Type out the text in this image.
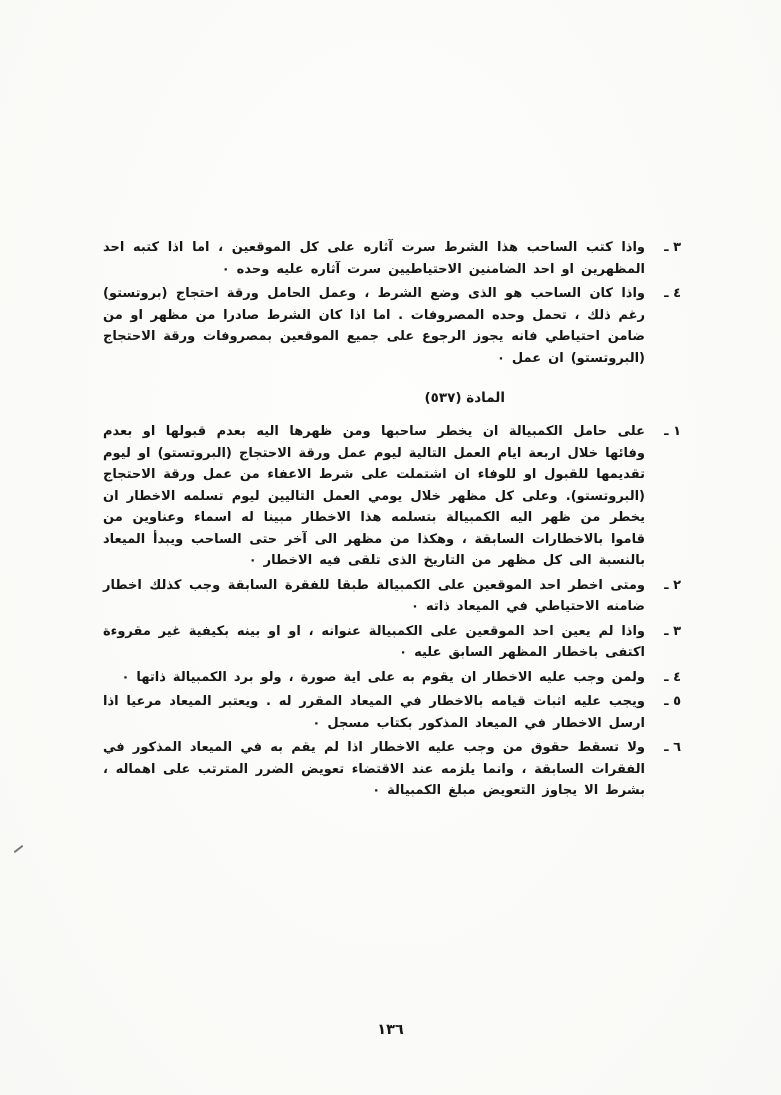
٣ ـ
واذا كتب الساحب هذا الشرط سرت آثاره على كل الموقعين ، اما اذا كتبه احد المظهرين او احد الضامنين الاحتياطيين سرت آثاره عليه وحده ٠
٤ ـ
واذا كان الساحب هو الذى وضع الشرط ، وعمل الحامل ورقة احتجاج (بروتستو) رغم ذلك ، تحمل وحده المصروفات . اما اذا كان الشرط صادرا من مظهر او من ضامن احتياطي فانه يجوز الرجوع على جميع الموقعين بمصروفات ورقة الاحتجاج (البروتستو) ان عمل ٠
المادة (٥٣٧)
١ ـ
على حامل الكمبيالة ان يخطر ساحبها ومن ظهرها اليه بعدم قبولها او بعدم وفائها خلال اربعة ايام العمل التالية ليوم عمل ورقة الاحتجاج (البروتستو) او ليوم تقديمها للقبول او للوفاء ان اشتملت على شرط الاعفاء من عمل ورقة الاحتجاج (البروتستو). وعلى كل مظهر خلال يومي العمل التاليين ليوم تسلمه الاخطار ان يخطر من ظهر اليه الكمبيالة بتسلمه هذا الاخطار مبينا له اسماء وعناوين من قاموا بالاخطارات السابقة ، وهكذا من مظهر الى آخر حتى الساحب ويبدأ الميعاد بالنسبة الى كل مظهر من التاريخ الذى تلقى فيه الاخطار ٠
٢ ـ
ومتى اخطر احد الموقعين على الكمبيالة طبقا للفقرة السابقة وجب كذلك اخطار ضامنه الاحتياطي في الميعاد ذاته ٠
٣ ـ
واذا لم يعين احد الموقعين على الكمبيالة عنوانه ، او او بينه بكيفية غير مقروءة اكتفى باخطار المظهر السابق عليه ٠
٤ ـ
ولمن وجب عليه الاخطار ان يقوم به على اية صورة ، ولو برد الكمبيالة ذاتها ٠
٥ ـ
ويجب عليه اثبات قيامه بالاخطار في الميعاد المقرر له . ويعتبر الميعاد مرعيا اذا ارسل الاخطار في الميعاد المذكور بكتاب مسجل ٠
٦ ـ
ولا تسقط حقوق من وجب عليه الاخطار اذا لم يقم به في الميعاد المذكور في الفقرات السابقة ، وانما يلزمه عند الاقتضاء تعويض الضرر المترتب على اهماله ، بشرط الا يجاوز التعويض مبلغ الكمبيالة ٠
١٣٦
